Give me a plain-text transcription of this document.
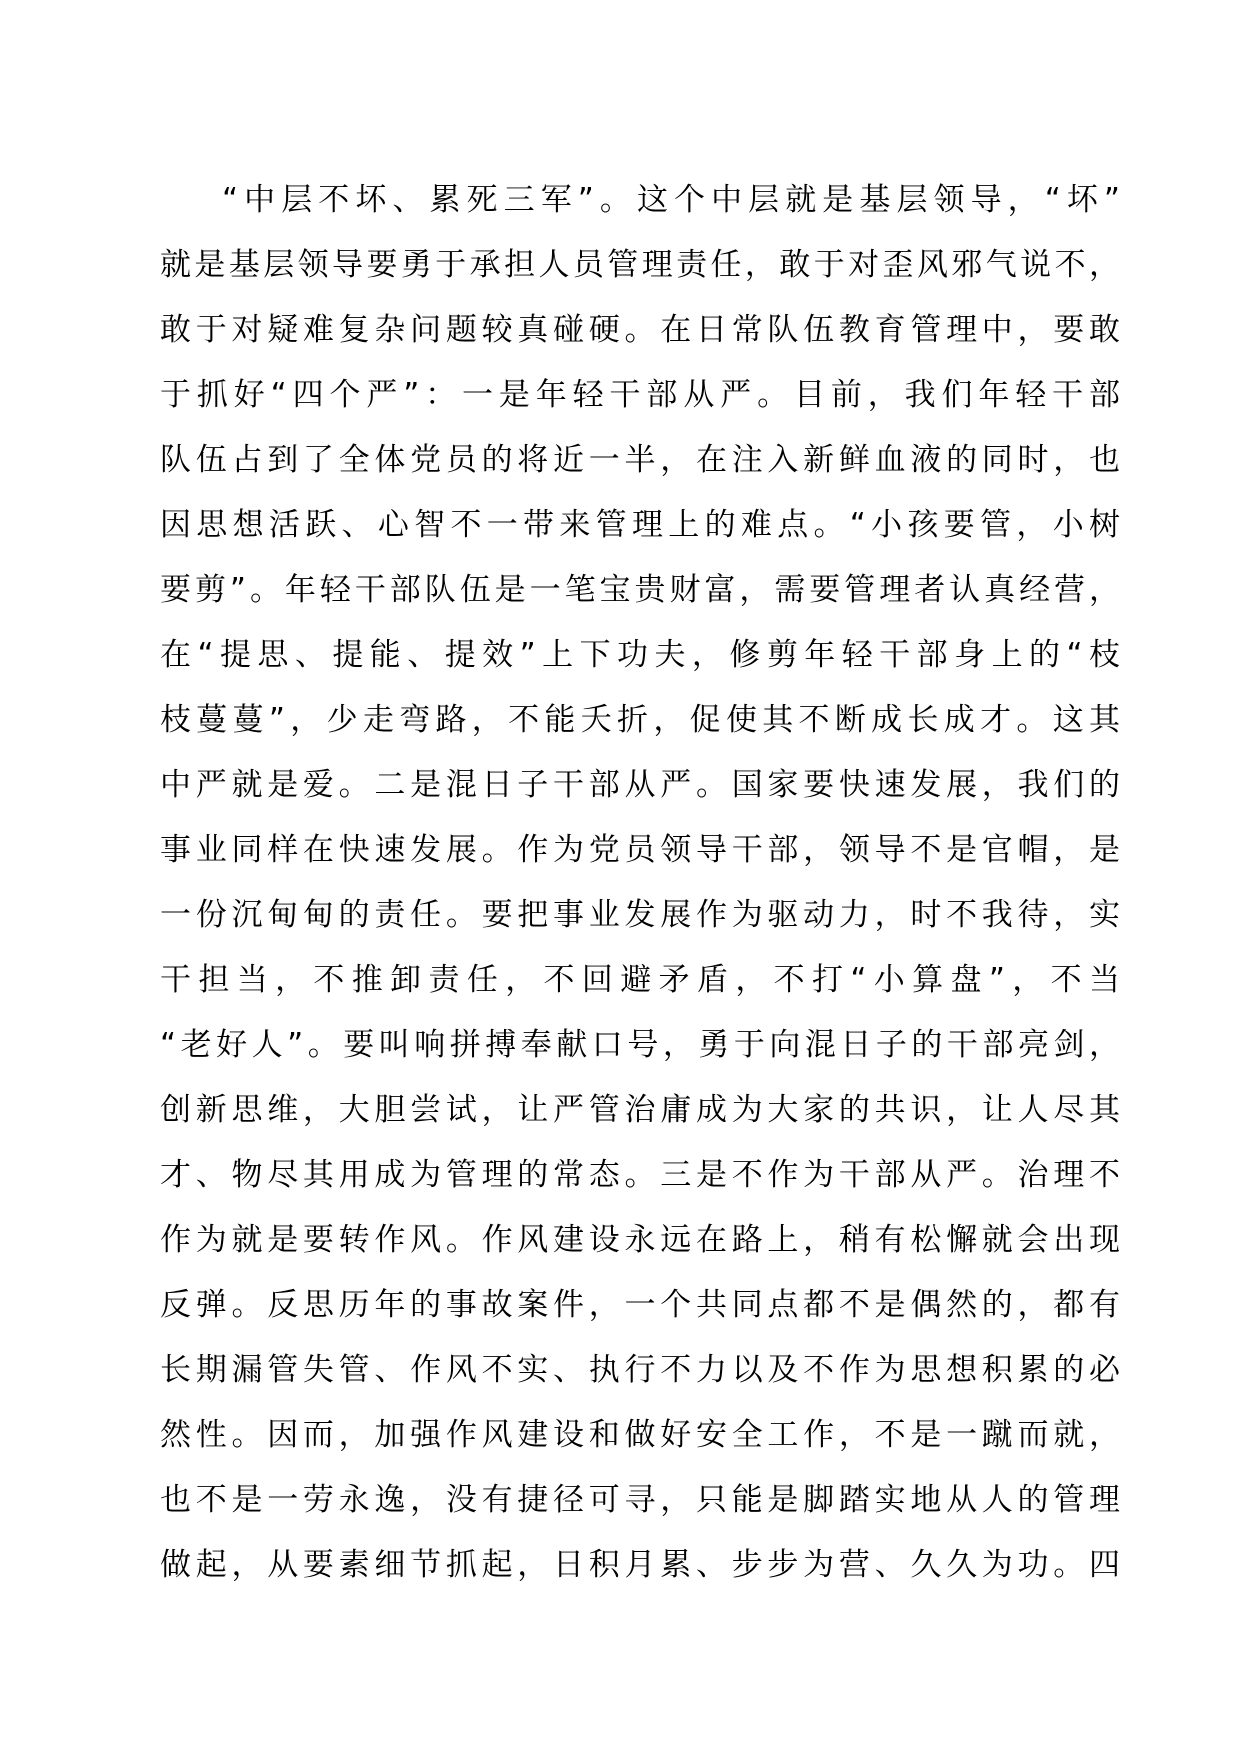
“中层不坏、累死三军”。这个中层就是基层领导，“坏”
就是基层领导要勇于承担人员管理责任，敢于对歪风邪气说不，
敢于对疑难复杂问题较真碰硬。在日常队伍教育管理中，要敢
于抓好“四个严”：一是年轻干部从严。目前，我们年轻干部
队伍占到了全体党员的将近一半，在注入新鲜血液的同时，也
因思想活跃、心智不一带来管理上的难点。“小孩要管，小树
要剪”。年轻干部队伍是一笔宝贵财富，需要管理者认真经营，
在“提思、提能、提效”上下功夫，修剪年轻干部身上的“枝
枝蔓蔓”，少走弯路，不能夭折，促使其不断成长成才。这其
中严就是爱。二是混日子干部从严。国家要快速发展，我们的
事业同样在快速发展。作为党员领导干部，领导不是官帽，是
一份沉甸甸的责任。要把事业发展作为驱动力，时不我待，实
干担当，不推卸责任，不回避矛盾，不打“小算盘”，不当
“老好人”。要叫响拼搏奉献口号，勇于向混日子的干部亮剑，
创新思维，大胆尝试，让严管治庸成为大家的共识，让人尽其
才、物尽其用成为管理的常态。三是不作为干部从严。治理不
作为就是要转作风。作风建设永远在路上，稍有松懈就会出现
反弹。反思历年的事故案件，一个共同点都不是偶然的，都有
长期漏管失管、作风不实、执行不力以及不作为思想积累的必
然性。因而，加强作风建设和做好安全工作，不是一蹴而就，
也不是一劳永逸，没有捷径可寻，只能是脚踏实地从人的管理
做起，从要素细节抓起，日积月累、步步为营、久久为功。四
